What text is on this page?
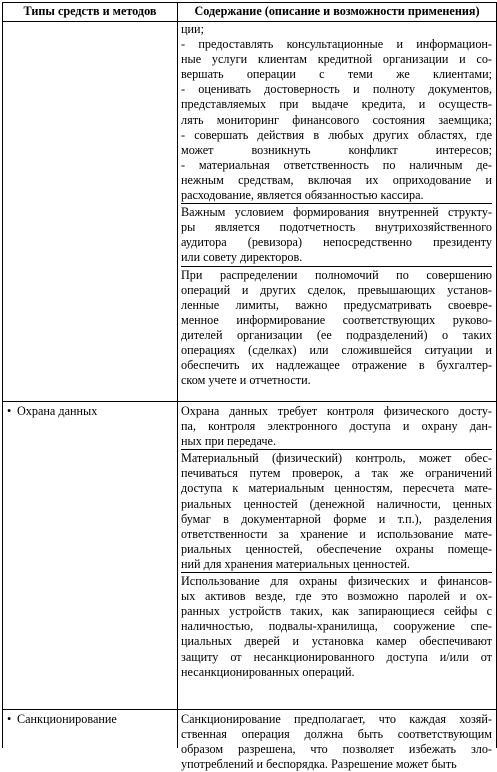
Типы средств и методов	Содержание (описание и возможности применения)
ции;
- предоставлять консультационные и информацион-
ные услуги клиентам кредитной организации и со-
вершать операции с теми же клиентами;
- оценивать достоверность и полноту документов,
представляемых при выдаче кредита, и осуществ-
лять мониторинг финансового состояния заемщика;
- совершать действия в любых других областях, где
может возникнуть конфликт интересов;
- материальная ответственность по наличным де-
нежным средствам, включая их оприходование и
расходование, является обязанностью кассира.
Важным условием формирования внутренней структу-
ры является подотчетность внутрихозяйственного
аудитора (ревизора) непосредственно президенту
или совету директоров.
При распределении полномочий по совершению
операций и других сделок, превышающих установ-
ленные лимиты, важно предусматривать своевре-
менное информирование соответствующих руково-
дителей организации (ее подразделений) о таких
операциях (сделках) или сложившейся ситуации и
обеспечить их надлежащее отражение в бухгалтер-
ском учете и отчетности.
• Охрана данных	Охрана данных требует контроля физического досту-
па, контроля электронного доступа и охрану дан-
ных при передаче.
Материальный (физический) контроль, может обес-
печиваться путем проверок, а так же ограничений
доступа к материальным ценностям, пересчета мате-
риальных ценностей (денежной наличности, ценных
бумаг в документарной форме и т.п.), разделения
ответственности за хранение и использование мате-
риальных ценностей, обеспечение охраны помеще-
ний для хранения материальных ценностей.
Использование для охраны физических и финансов-
ых активов везде, где это возможно паролей и ох-
ранных устройств таких, как запирающиеся сейфы с
наличностью, подвалы-хранилища, сооружение спе-
циальных дверей и установка камер обеспечивают
защиту от несанкционированного доступа и/или от
несанкционированных операций.
• Санкционирование	Санкционирование предполагает, что каждая хозяй-
ственная операция должна быть соответствующим
образом разрешена, что позволяет избежать зло-
употреблений и беспорядка. Разрешение может быть
